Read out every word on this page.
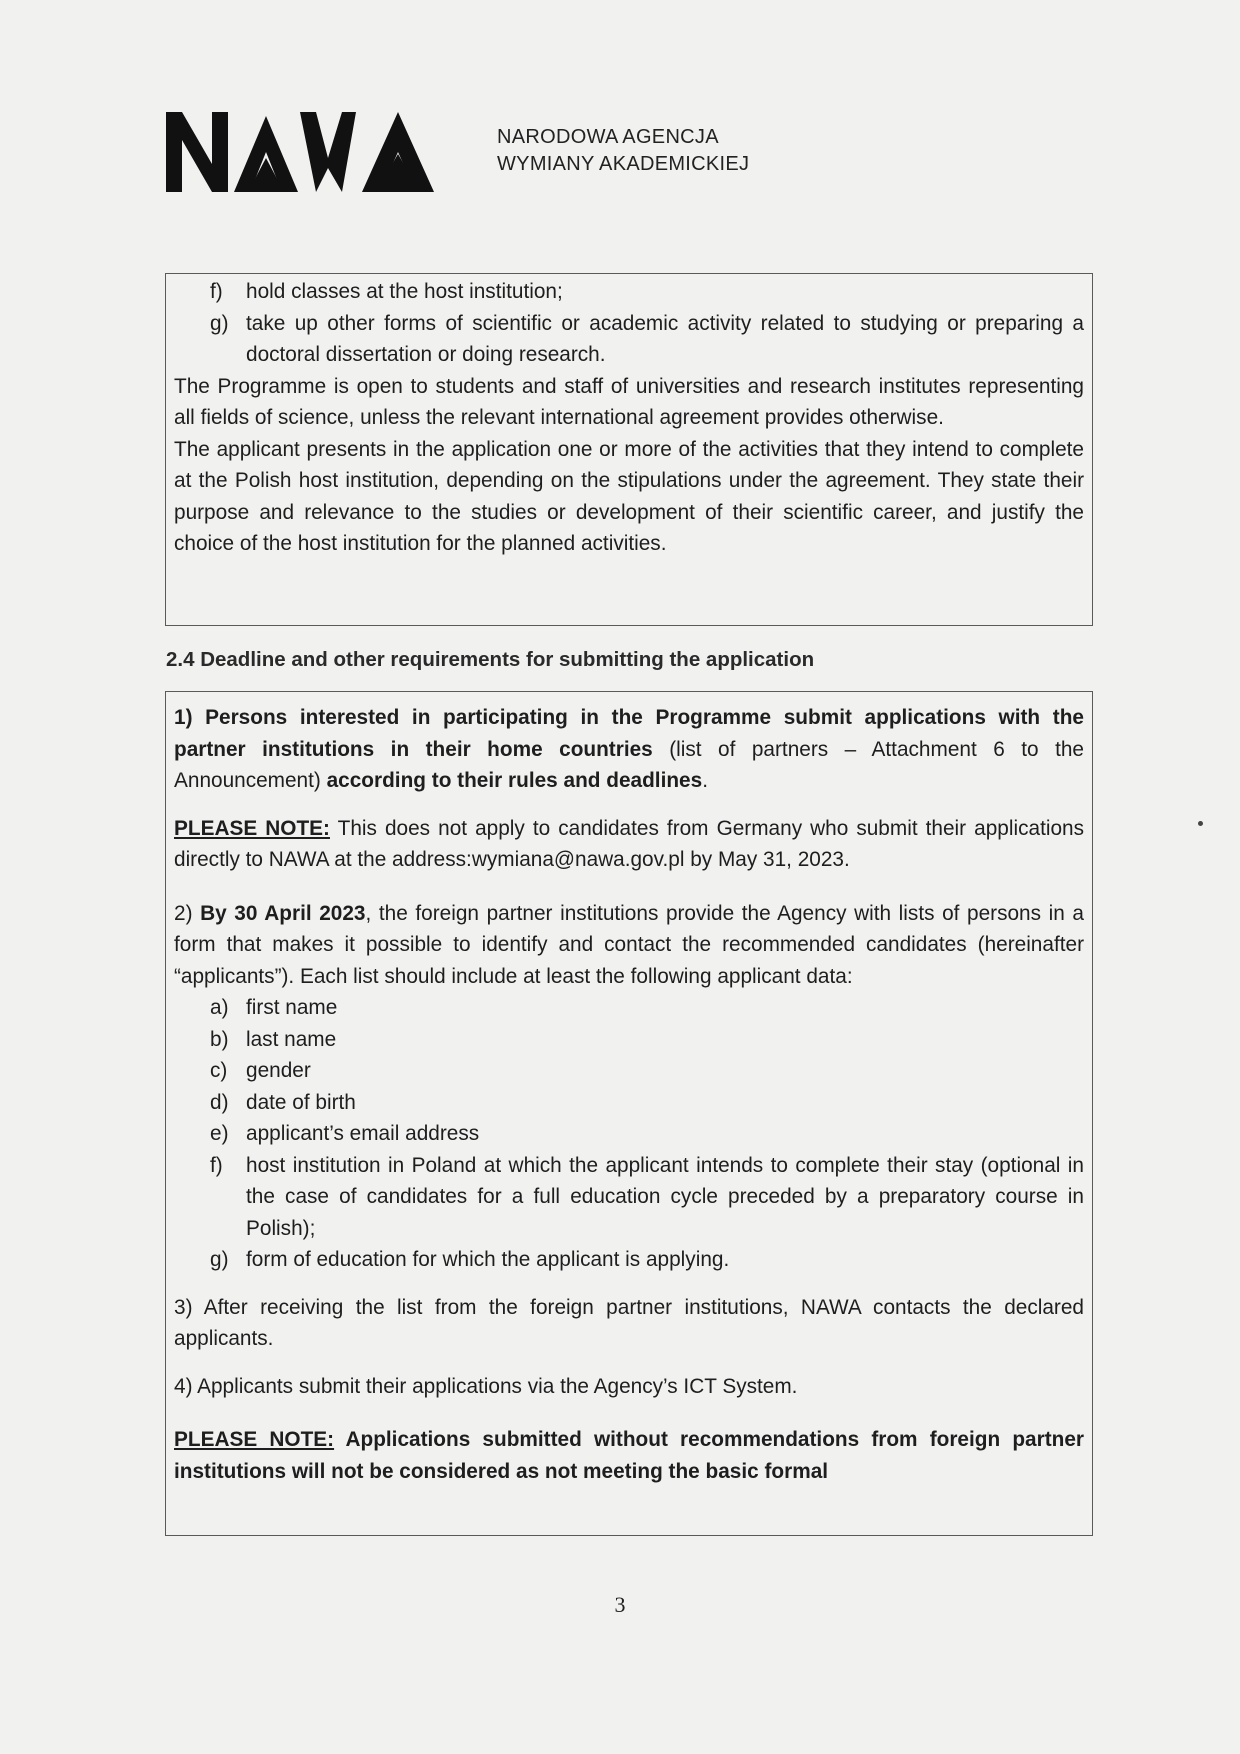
NARODOWA AGENCJA
WYMIANY AKADEMICKIEJ
f) hold classes at the host institution;
g) take up other forms of scientific or academic activity related to studying or preparing a doctoral dissertation or doing research.

The Programme is open to students and staff of universities and research institutes representing all fields of science, unless the relevant international agreement provides otherwise.

The applicant presents in the application one or more of the activities that they intend to complete at the Polish host institution, depending on the stipulations under the agreement. They state their purpose and relevance to the studies or development of their scientific career, and justify the choice of the host institution for the planned activities.

2.4 Deadline and other requirements for submitting the application

1) Persons interested in participating in the Programme submit applications with the partner institutions in their home countries (list of partners – Attachment 6 to the Announcement) according to their rules and deadlines.

PLEASE NOTE: This does not apply to candidates from Germany who submit their applications directly to NAWA at the address:wymiana@nawa.gov.pl by May 31, 2023.

2) By 30 April 2023, the foreign partner institutions provide the Agency with lists of persons in a form that makes it possible to identify and contact the recommended candidates (hereinafter “applicants”). Each list should include at least the following applicant data:

a) first name
b) last name
c) gender
d) date of birth
e) applicant’s email address
f) host institution in Poland at which the applicant intends to complete their stay (optional in the case of candidates for a full education cycle preceded by a preparatory course in Polish);
g) form of education for which the applicant is applying.

3) After receiving the list from the foreign partner institutions, NAWA contacts the declared applicants.

4) Applicants submit their applications via the Agency’s ICT System.

PLEASE NOTE: Applications submitted without recommendations from foreign partner institutions will not be considered as not meeting the basic formal

3
